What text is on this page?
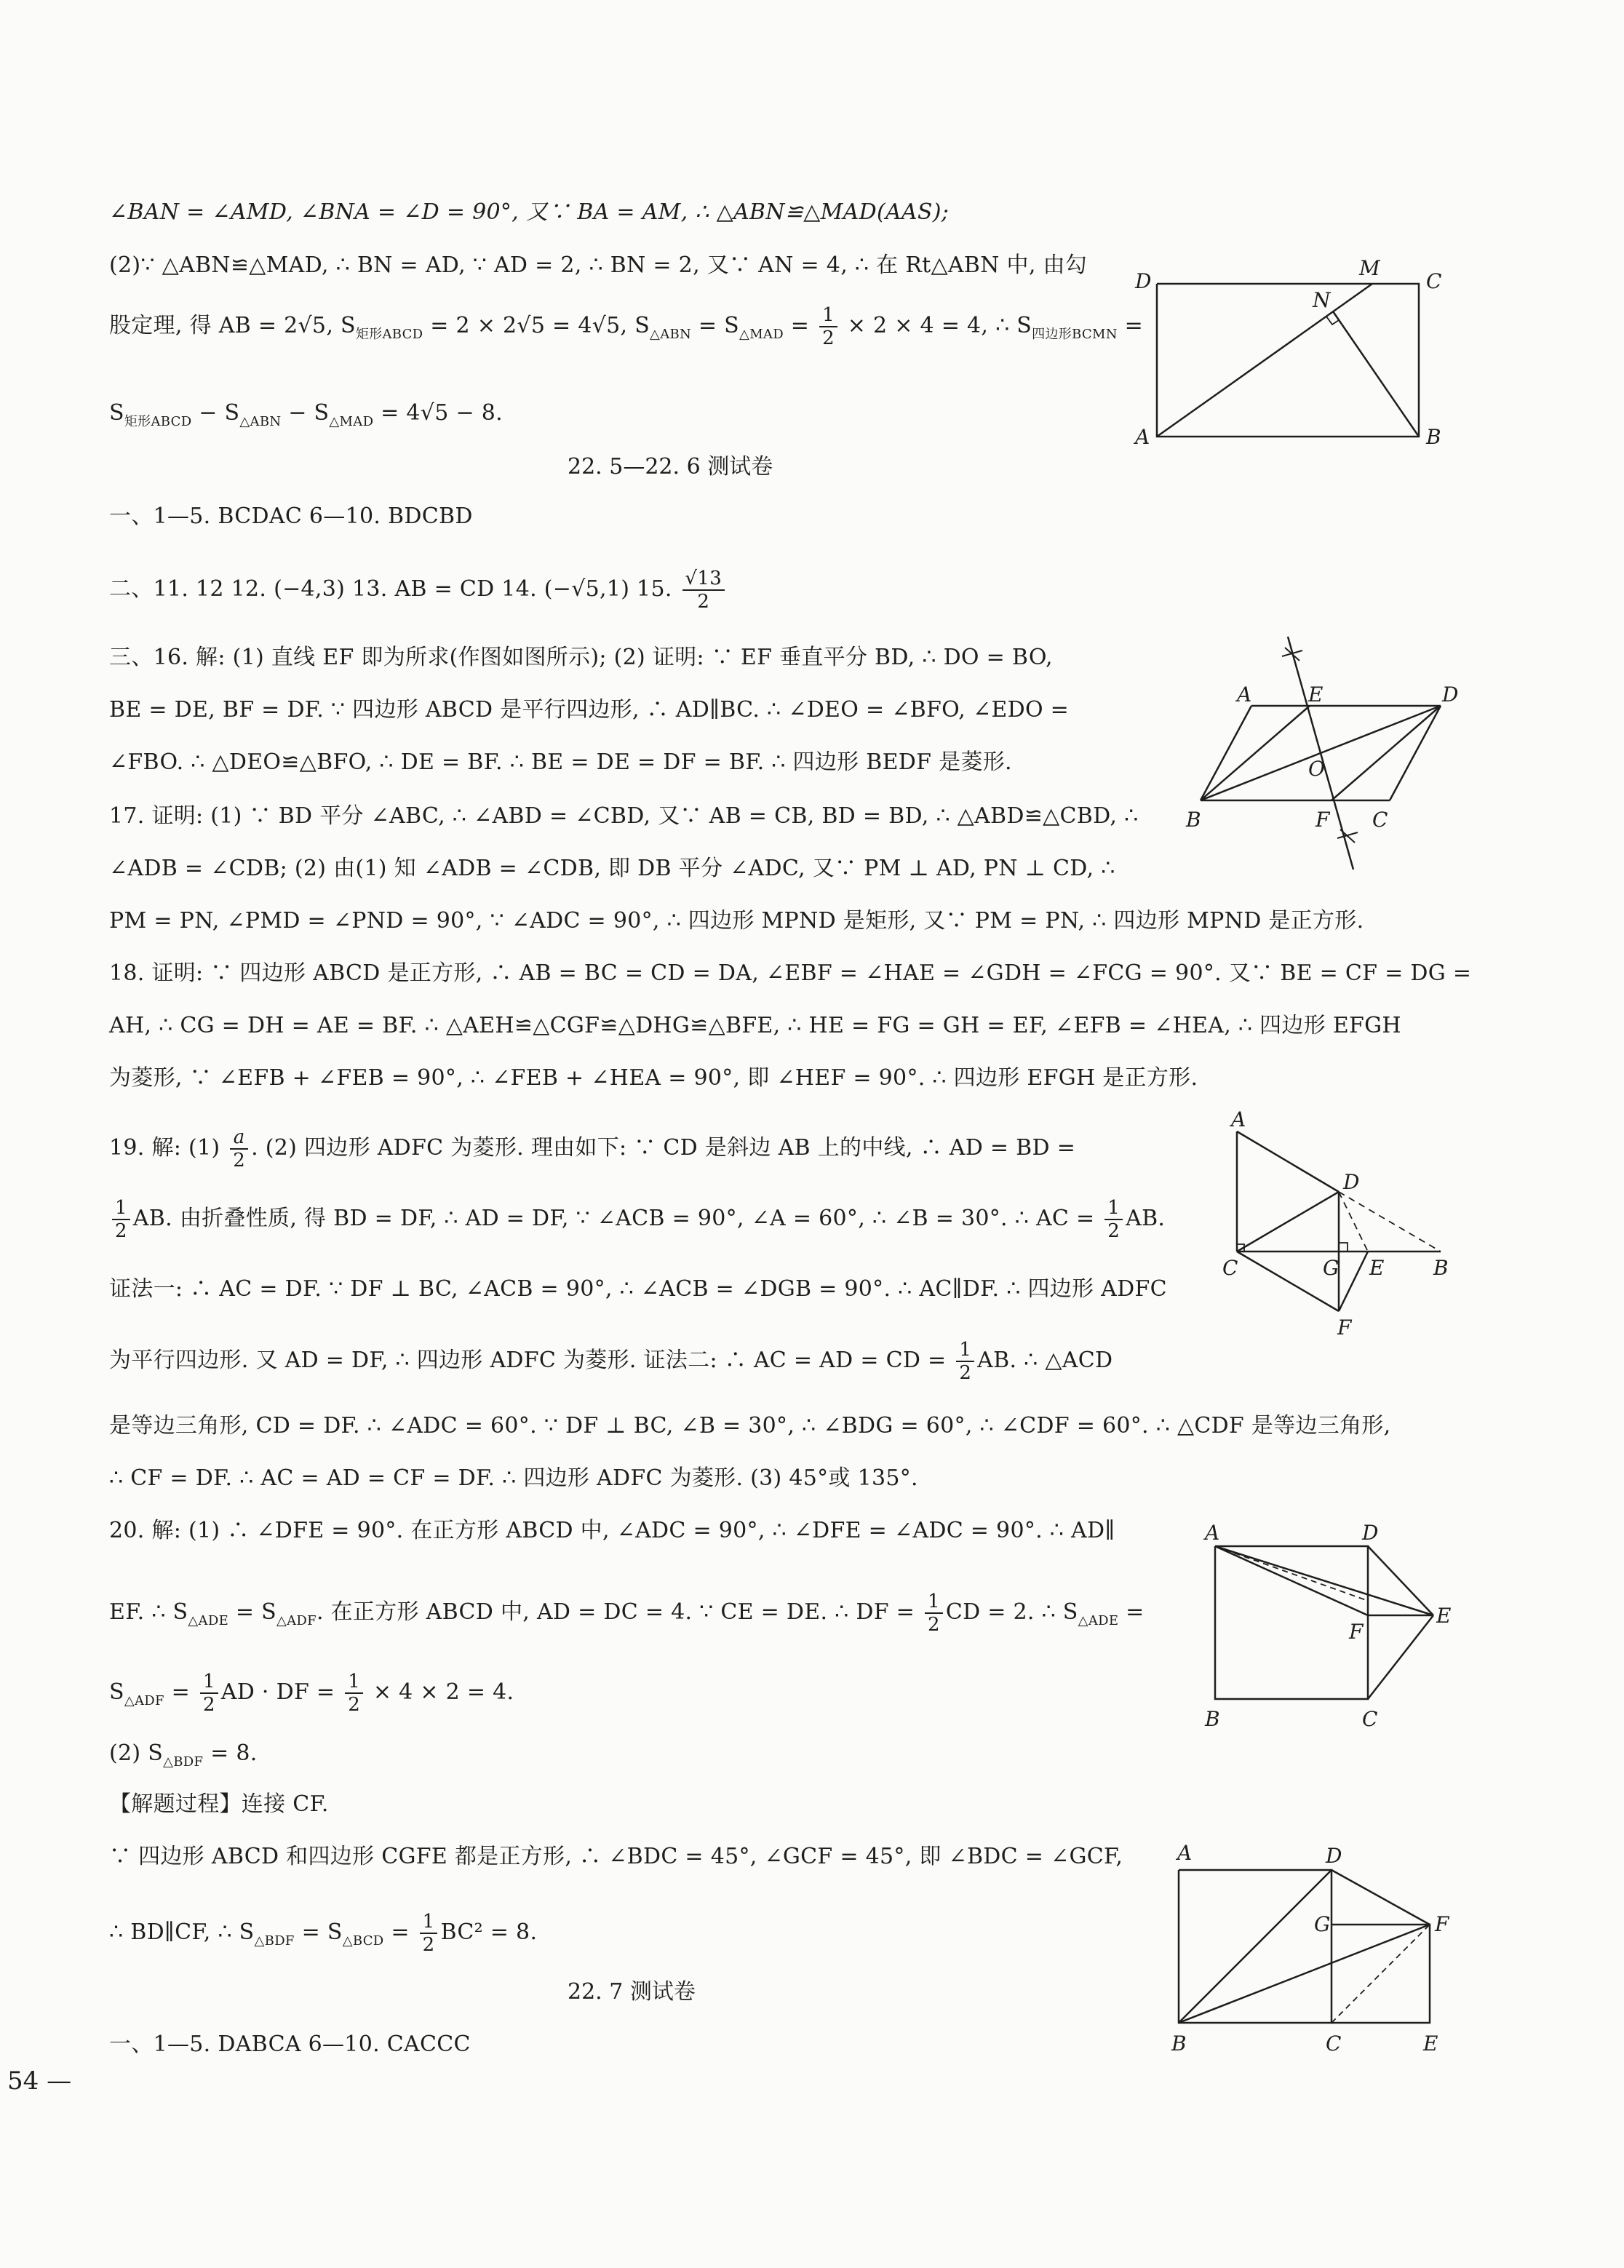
∠BAN = ∠AMD, ∠BNA = ∠D = 90°, 又∵ BA = AM, ∴ △ABN≌△MAD(AAS);
(2)∵ △ABN≌△MAD, ∴ BN = AD, ∵ AD = 2, ∴ BN = 2, 又∵ AN = 4, ∴ 在 Rt△ABN 中, 由勾
股定理, 得 AB = 2√5, $S_{矩形ABCD} = 2 \times 2√5 = 4√5$, $S_{\triangle ABN} = S_{\triangle MAD} = \frac{1}{2} \times 2 \times 4 = 4$, ∴ $S_{四边形BCMN}$ =
$S_{矩形ABCD} - S_{\triangle ABN} - S_{\triangle MAD} = 4√5 - 8$.
D	C
M
N
A	B
22. 5—22. 6 测试卷
一、1—5. BCDAC 6—10. BDCBD
二、11. 12 12. (−4,3) 13. AB = CD 14. (−√5,1) 15. $\frac{√13}{2}$
三、16. 解: (1) 直线 EF 即为所求(作图如图所示); (2) 证明: ∵ EF 垂直平分 BD, ∴ DO = BO,
BE = DE, BF = DF. ∵ 四边形 ABCD 是平行四边形, ∴ AD∥BC. ∴ ∠DEO = ∠BFO, ∠EDO =
∠FBO. ∴ △DEO≌△BFO, ∴ DE = BF. ∴ BE = DE = DF = BF. ∴ 四边形 BEDF 是菱形.
A	E	D
O
B	F C
17. 证明: (1) ∵ BD 平分 ∠ABC, ∴ ∠ABD = ∠CBD, 又∵ AB = CB, BD = BD, ∴ △ABD≌△CBD, ∴
∠ADB = ∠CDB; (2) 由(1) 知 ∠ADB = ∠CDB, 即 DB 平分 ∠ADC, 又∵ PM ⊥ AD, PN ⊥ CD, ∴
PM = PN, ∠PMD = ∠PND = 90°, ∵ ∠ADC = 90°, ∴ 四边形 MPND 是矩形, 又∵ PM = PN, ∴ 四边形 MPND 是正方形.
18. 证明: ∵ 四边形 ABCD 是正方形, ∴ AB = BC = CD = DA, ∠EBF = ∠HAE = ∠GDH = ∠FCG = 90°. 又∵ BE = CF = DG =
AH, ∴ CG = DH = AE = BF. ∴ △AEH≌△CGF≌△DHG≌△BFE, ∴ HE = FG = GH = EF, ∠EFB = ∠HEA, ∴ 四边形 EFGH
为菱形, ∵ ∠EFB + ∠FEB = 90°, ∴ ∠FEB + ∠HEA = 90°, 即 ∠HEF = 90°. ∴ 四边形 EFGH 是正方形.
19. 解: $(1) \frac{a}{2}$ . (2) 四边形 ADFC 为菱形. 理由如下: ∵ CD 是斜边 AB 上的中线, ∴ AD = BD =
$\frac{1}{2}$ AB. 由折叠性质, 得 BD = DF, ∴ AD = DF, ∵ ∠ACB = 90°, ∠A = 60°, ∴ ∠B = 30°. ∴ AC = $\frac{1}{2}$ AB.
证法一: ∴ AC = DF. ∵ DF ⊥ BC, ∠ACB = 90°, ∴ ∠ACB = ∠DGB = 90°. ∴ AC∥DF. ∴ 四边形 ADFC
为平行四边形. 又 AD = DF, ∴ 四边形 ADFC 为菱形. 证法二: ∴ AC = AD = CD = $\frac{1}{2}$ AB. ∴ △ACD
是等边三角形, CD = DF. ∴ ∠ADC = 60°. ∵ DF ⊥ BC, ∠B = 30°, ∴ ∠BDG = 60°, ∴ ∠CDF = 60°. ∴ △CDF 是等边三角形,
∴ CF = DF. ∴ AC = AD = CF = DF. ∴ 四边形 ADFC 为菱形. (3) 45°或 135°.
A
D
C	G E B
F
20. 解: (1) ∴ ∠DFE = 90°. 在正方形 ABCD 中, ∠ADC = 90°, ∴ ∠DFE = ∠ADC = 90°. ∴ AD∥
EF. ∴ $S_{\triangle ADE} = S_{\triangle ADF}$. 在正方形 ABCD 中, AD = DC = 4. ∵ CE = DE. ∴ DF = $\frac{1}{2}$ CD = 2. ∴ $S_{\triangle ADE}$ =
$S_{\triangle ADF} = \frac{1}{2}$ AD · DF = $\frac{1}{2} \times 4 \times 2 = 4$.
(2) $S_{\triangle BDF} = 8$.
【解题过程】连接 CF.
∵ 四边形 ABCD 和四边形 CGFE 都是正方形, ∴ ∠BDC = 45°, ∠GCF = 45°, 即 ∠BDC = ∠GCF,
∴ BD∥CF, ∴ $S_{\triangle BDF} = S_{\triangle BCD} = \frac{1}{2} BC^2 = 8$.
A	D
F
E
B	C
22. 7 测试卷
一、1—5. DABCA 6—10. CACCC
A	D
G	F
B	C	E
54 —
